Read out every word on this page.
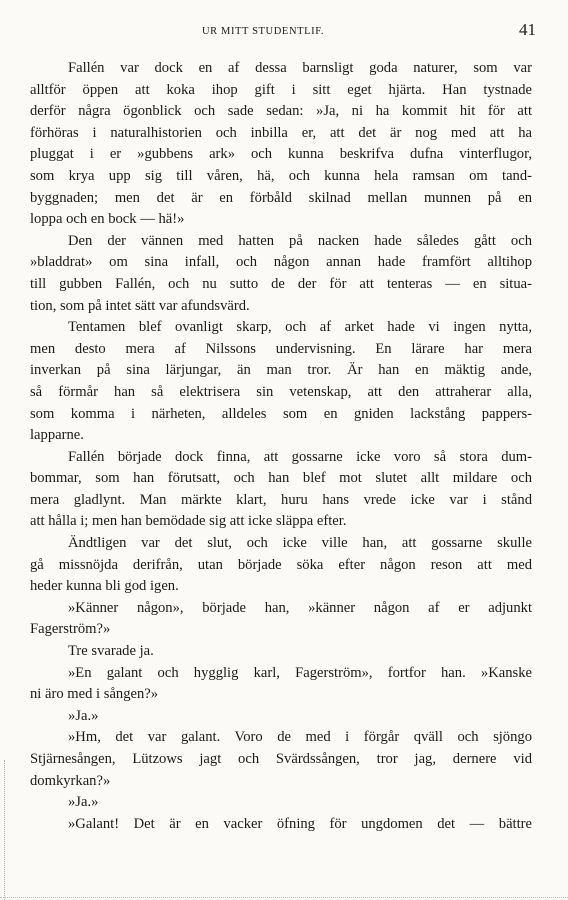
UR MITT STUDENTLIF.	41
Fallén var dock en af dessa barnsligt goda naturer, som var
alltför öppen att koka ihop gift i sitt eget hjärta. Han tystnade
derför några ögonblick och sade sedan: »Ja, ni ha kommit hit för att
förhöras i naturalhistorien och inbilla er, att det är nog med att ha
pluggat i er »gubbens ark» och kunna beskrifva dufna vinterflugor,
som krya upp sig till våren, hä, och kunna hela ramsan om tand-
byggnaden; men det är en förbåld skilnad mellan munnen på en
loppa och en bock — hä!»
Den der vännen med hatten på nacken hade således gått och
»bladdrat» om sina infall, och någon annan hade framfört alltihop
till gubben Fallén, och nu sutto de der för att tenteras — en situa-
tion, som på intet sätt var afundsvärd.
Tentamen blef ovanligt skarp, och af arket hade vi ingen nytta,
men desto mera af Nilssons undervisning. En lärare har mera
inverkan på sina lärjungar, än man tror. Är han en mäktig ande,
så förmår han så elektrisera sin vetenskap, att den attraherar alla,
som komma i närheten, alldeles som en gniden lackstång pappers-
lapparne.
Fallén började dock finna, att gossarne icke voro så stora dum-
bommar, som han förutsatt, och han blef mot slutet allt mildare och
mera gladlynt. Man märkte klart, huru hans vrede icke var i stånd
att hålla i; men han bemödade sig att icke släppa efter.
Ändtligen var det slut, och icke ville han, att gossarne skulle
gå missnöjda derifrån, utan började söka efter någon reson att med
heder kunna bli god igen.
»Känner någon», började han, »känner någon af er adjunkt
Fagerström?»
Tre svarade ja.
»En galant och hygglig karl, Fagerström», fortfor han. »Kanske
ni äro med i sången?»
»Ja.»
»Hm, det var galant. Voro de med i förgår qväll och sjöngo
Stjärnesången, Lützows jagt och Svärdssången, tror jag, dernere vid
domkyrkan?»
»Ja.»
»Galant! Det är en vacker öfning för ungdomen det — bättre
